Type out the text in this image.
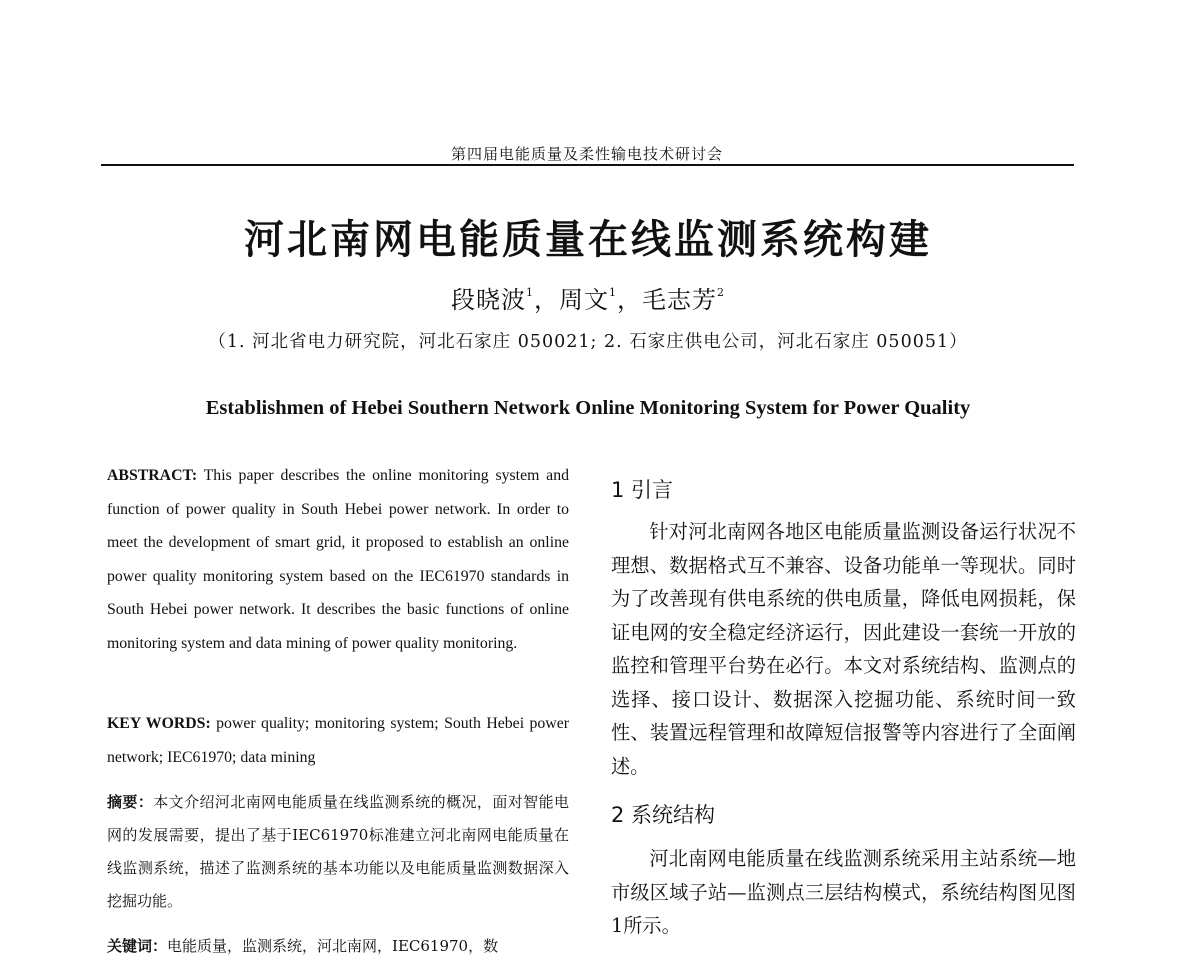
第四届电能质量及柔性输电技术研讨会
河北南网电能质量在线监测系统构建
段晓波$^1$，周文$^1$，毛志芳$^2$
（1. 河北省电力研究院，河北石家庄 050021; 2. 石家庄供电公司，河北石家庄 050051）
Establishmen of Hebei Southern Network Online Monitoring System for Power Quality

ABSTRACT: This paper describes the online monitoring system and function of power quality in South Hebei power network. In order to meet the development of smart grid, it proposed to establish an online power quality monitoring system based on the IEC61970 standards in South Hebei power network. It describes the basic functions of online monitoring system and data mining of power quality monitoring.

KEY WORDS: power quality; monitoring system; South Hebei power network; IEC61970; data mining

摘要：本文介绍河北南网电能质量在线监测系统的概况，面对智能电网的发展需要，提出了基于IEC61970标准建立河北南网电能质量在线监测系统，描述了监测系统的基本功能以及电能质量监测数据深入挖掘功能。

关键词：电能质量，监测系统，河北南网，IEC61970，数

1 引言

针对河北南网各地区电能质量监测设备运行状况不理想、数据格式互不兼容、设备功能单一等现状。同时为了改善现有供电系统的供电质量，降低电网损耗，保证电网的安全稳定经济运行，因此建设一套统一开放的监控和管理平台势在必行。本文对系统结构、监测点的选择、接口设计、数据深入挖掘功能、系统时间一致性、装置远程管理和故障短信报警等内容进行了全面阐述。

2 系统结构

河北南网电能质量在线监测系统采用主站系统—地市级区域子站—监测点三层结构模式，系统结构图见图1所示。
